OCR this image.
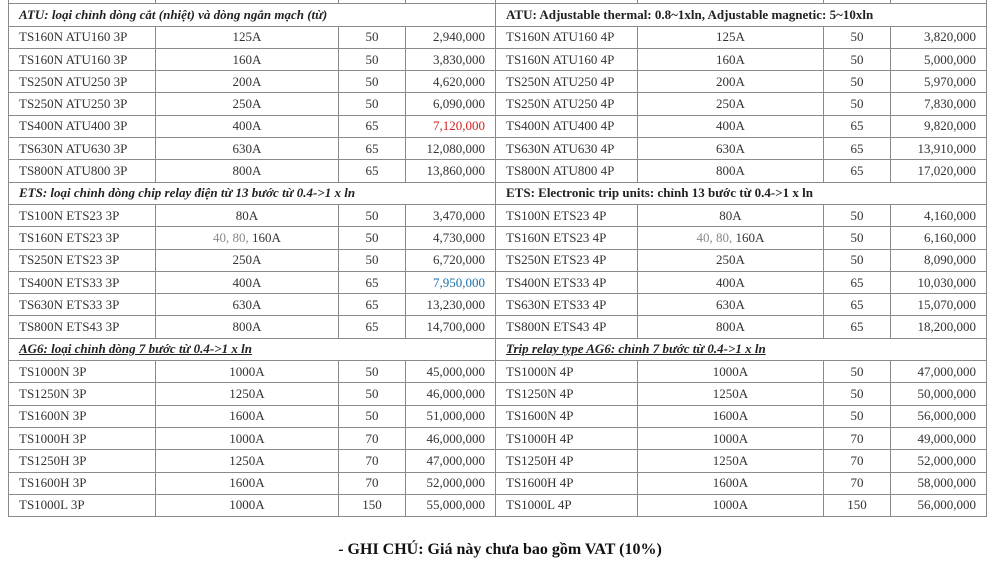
ATU: loại chỉnh dòng cắt (nhiệt) và dòng ngắn mạch (từ)				ATU: Adjustable thermal: 0.8~1xln, Adjustable magnetic: 5~10xln			
TS160N ATU160 3P	125A	50	2,940,000	TS160N ATU160 4P	125A	50	3,820,000
TS160N ATU160 3P	160A	50	3,830,000	TS160N ATU160 4P	160A	50	5,000,000
TS250N ATU250 3P	200A	50	4,620,000	TS250N ATU250 4P	200A	50	5,970,000
TS250N ATU250 3P	250A	50	6,090,000	TS250N ATU250 4P	250A	50	7,830,000
TS400N ATU400 3P	400A	65	7,120,000	TS400N ATU400 4P	400A	65	9,820,000
TS630N ATU630 3P	630A	65	12,080,000	TS630N ATU630 4P	630A	65	13,910,000
TS800N ATU800 3P	800A	65	13,860,000	TS800N ATU800 4P	800A	65	17,020,000
ETS: loại chỉnh dòng chip relay điện từ 13 bước từ 0.4->1 x ln				ETS: Electronic trip units: chỉnh 13 bước từ 0.4->1 x ln			
TS100N ETS23 3P	80A	50	3,470,000	TS100N ETS23 4P	80A	50	4,160,000
TS160N ETS23 3P	40, 80, 160A	50	4,730,000	TS160N ETS23 4P	40, 80, 160A	50	6,160,000
TS250N ETS23 3P	250A	50	6,720,000	TS250N ETS23 4P	250A	50	8,090,000
TS400N ETS33 3P	400A	65	7,950,000	TS400N ETS33 4P	400A	65	10,030,000
TS630N ETS33 3P	630A	65	13,230,000	TS630N ETS33 4P	630A	65	15,070,000
TS800N ETS43 3P	800A	65	14,700,000	TS800N ETS43 4P	800A	65	18,200,000
AG6: loại chỉnh dòng 7 bước từ 0.4->1 x ln				Trip relay type AG6: chỉnh 7 bước từ 0.4->1 x ln			
TS1000N 3P	1000A	50	45,000,000	TS1000N 4P	1000A	50	47,000,000
TS1250N 3P	1250A	50	46,000,000	TS1250N 4P	1250A	50	50,000,000
TS1600N 3P	1600A	50	51,000,000	TS1600N 4P	1600A	50	56,000,000
TS1000H 3P	1000A	70	46,000,000	TS1000H 4P	1000A	70	49,000,000
TS1250H 3P	1250A	70	47,000,000	TS1250H 4P	1250A	70	52,000,000
TS1600H 3P	1600A	70	52,000,000	TS1600H 4P	1600A	70	58,000,000
TS1000L 3P	1000A	150	55,000,000	TS1000L 4P	1000A	150	56,000,000
- GHI CHÚ: Giá này chưa bao gồm VAT (10%)
